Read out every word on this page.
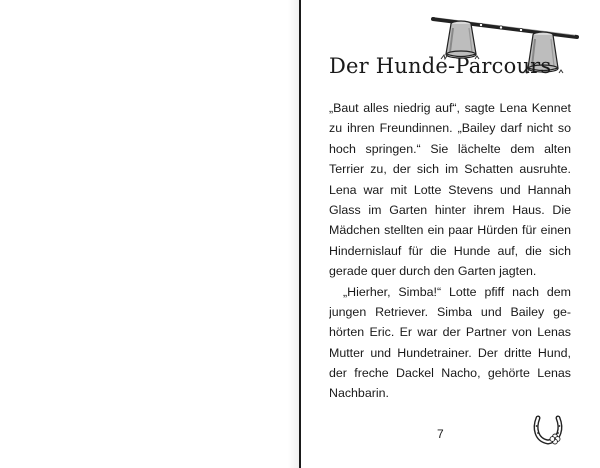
Der Hunde-Parcours
„Baut alles niedrig auf“, sagte Lena Kennet
zu ihren Freundinnen. „Bailey darf nicht so
hoch springen.“ Sie lächelte dem alten
Terrier zu, der sich im Schatten ausruhte.
Lena war mit Lotte Stevens und Hannah
Glass im Garten hinter ihrem Haus. Die
Mädchen stellten ein paar Hürden für einen
Hindernislauf für die Hunde auf, die sich
gerade quer durch den Garten jagten.
„Hierher, Simba!“ Lotte pfiff nach dem
jungen Retriever. Simba und Bailey ge-
hörten Eric. Er war der Partner von Lenas
Mutter und Hundetrainer. Der dritte Hund,
der freche Dackel Nacho, gehörte Lenas
Nachbarin.
7
